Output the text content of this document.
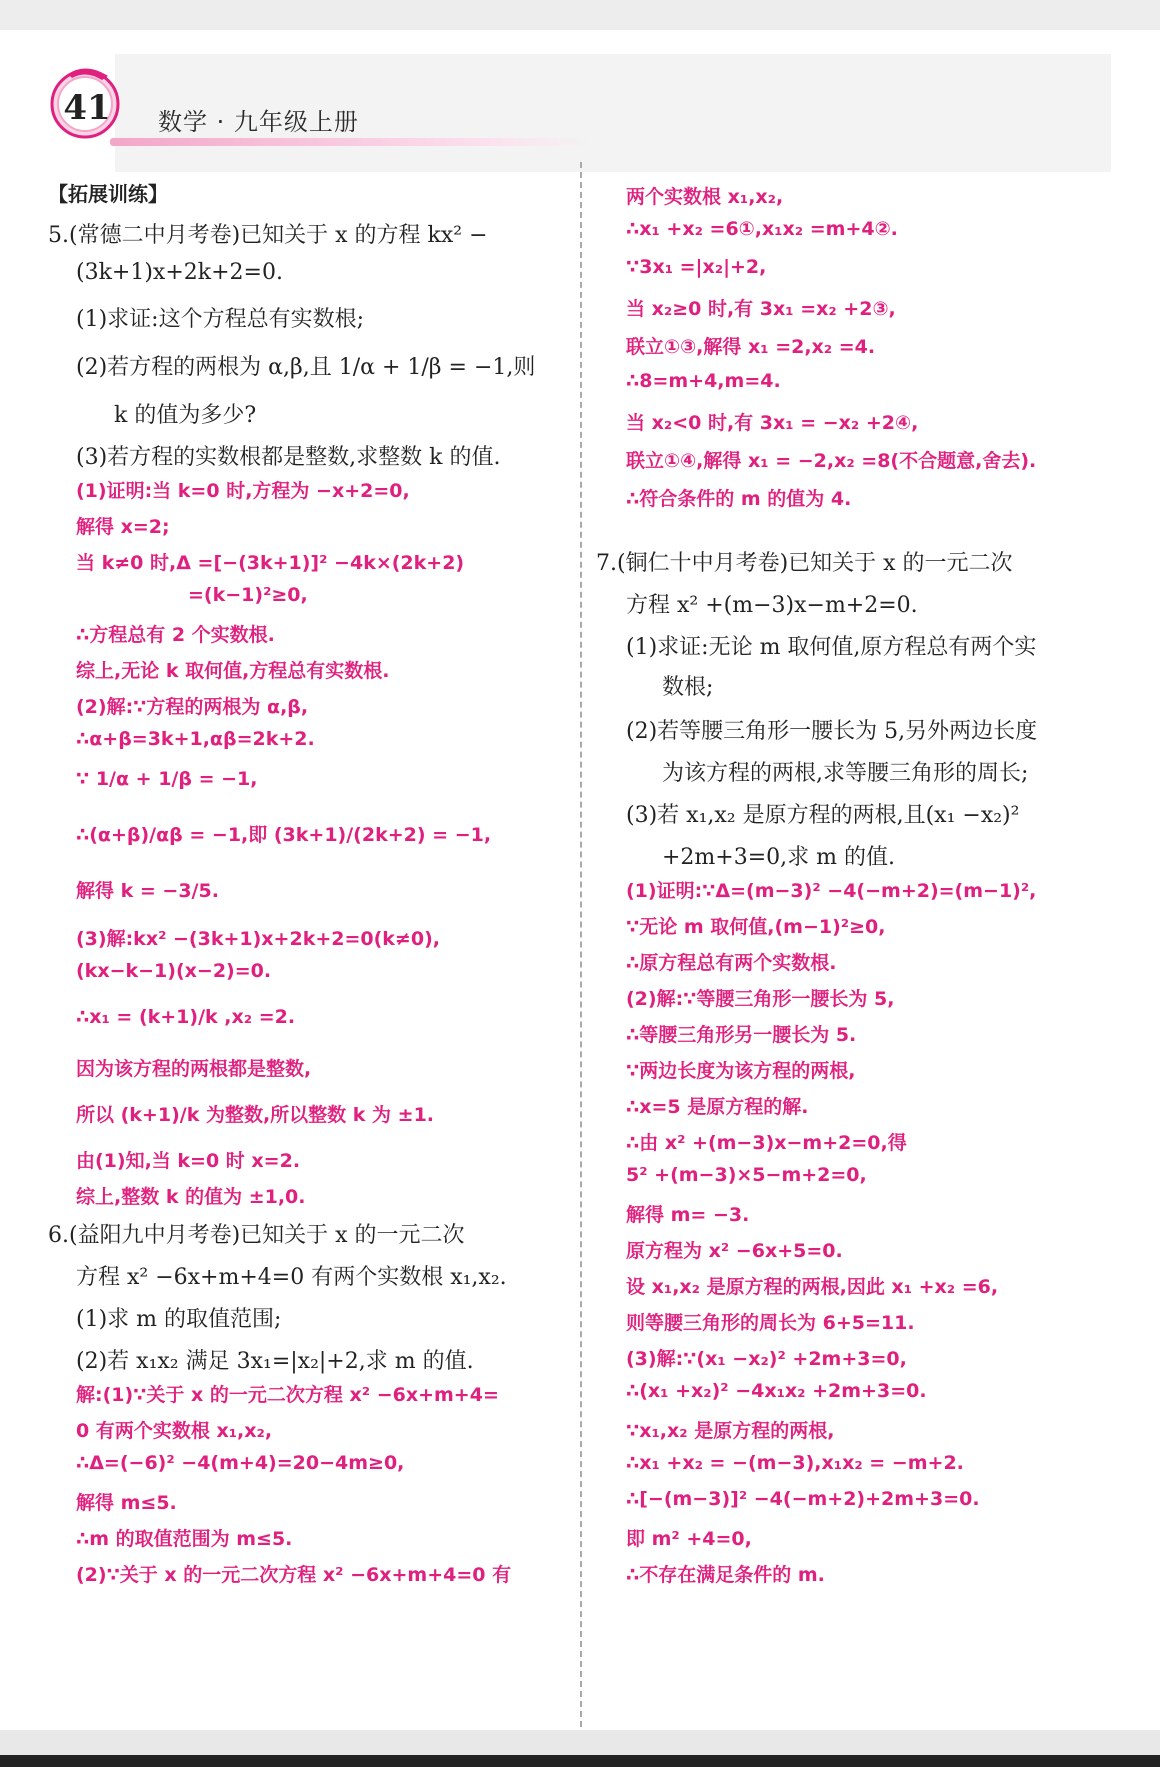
41	数学 · 九年级上册
【拓展训练】
5.(常德二中月考卷)已知关于 x 的方程 kx² −
(3k+1)x+2k+2=0.
(1)求证:这个方程总有实数根;
(2)若方程的两根为 α,β,且 1/α + 1/β = −1,则
k 的值为多少?
(3)若方程的实数根都是整数,求整数 k 的值.
(1)证明:当 k=0 时,方程为 −x+2=0,
解得 x=2;
当 k≠0 时,Δ =[−(3k+1)]² −4k×(2k+2)
=(k−1)²≥0,
∴方程总有 2 个实数根.
综上,无论 k 取何值,方程总有实数根.
(2)解:∵方程的两根为 α,β,
∴α+β=3k+1,αβ=2k+2.
∵ 1/α + 1/β = −1,
∴(α+β)/αβ = −1,即 (3k+1)/(2k+2) = −1,
解得 k = −3/5.
(3)解:kx² −(3k+1)x+2k+2=0(k≠0),
(kx−k−1)(x−2)=0.
∴x₁ = (k+1)/k ,x₂ =2.
因为该方程的两根都是整数,
所以 (k+1)/k 为整数,所以整数 k 为 ±1.
由(1)知,当 k=0 时 x=2.
综上,整数 k 的值为 ±1,0.
6.(益阳九中月考卷)已知关于 x 的一元二次
方程 x² −6x+m+4=0 有两个实数根 x₁,x₂.
(1)求 m 的取值范围;
(2)若 x₁x₂ 满足 3x₁=|x₂|+2,求 m 的值.
解:(1)∵关于 x 的一元二次方程 x² −6x+m+4=
0 有两个实数根 x₁,x₂,
∴Δ=(−6)² −4(m+4)=20−4m≥0,
解得 m≤5.
∴m 的取值范围为 m≤5.
(2)∵关于 x 的一元二次方程 x² −6x+m+4=0 有
两个实数根 x₁,x₂,
∴x₁ +x₂ =6①,x₁x₂ =m+4②.
∵3x₁ =|x₂|+2,
当 x₂≥0 时,有 3x₁ =x₂ +2③,
联立①③,解得 x₁ =2,x₂ =4.
∴8=m+4,m=4.
当 x₂<0 时,有 3x₁ = −x₂ +2④,
联立①④,解得 x₁ = −2,x₂ =8(不合题意,舍去).
∴符合条件的 m 的值为 4.
7.(铜仁十中月考卷)已知关于 x 的一元二次
方程 x² +(m−3)x−m+2=0.
(1)求证:无论 m 取何值,原方程总有两个实
数根;
(2)若等腰三角形一腰长为 5,另外两边长度
为该方程的两根,求等腰三角形的周长;
(3)若 x₁,x₂ 是原方程的两根,且(x₁ −x₂)²
+2m+3=0,求 m 的值.
(1)证明:∵Δ=(m−3)² −4(−m+2)=(m−1)²,
∵无论 m 取何值,(m−1)²≥0,
∴原方程总有两个实数根.
(2)解:∵等腰三角形一腰长为 5,
∴等腰三角形另一腰长为 5.
∵两边长度为该方程的两根,
∴x=5 是原方程的解.
∴由 x² +(m−3)x−m+2=0,得
5² +(m−3)×5−m+2=0,
解得 m= −3.
原方程为 x² −6x+5=0.
设 x₁,x₂ 是原方程的两根,因此 x₁ +x₂ =6,
则等腰三角形的周长为 6+5=11.
(3)解:∵(x₁ −x₂)² +2m+3=0,
∴(x₁ +x₂)² −4x₁x₂ +2m+3=0.
∵x₁,x₂ 是原方程的两根,
∴x₁ +x₂ = −(m−3),x₁x₂ = −m+2.
∴[−(m−3)]² −4(−m+2)+2m+3=0.
即 m² +4=0,
∴不存在满足条件的 m.
